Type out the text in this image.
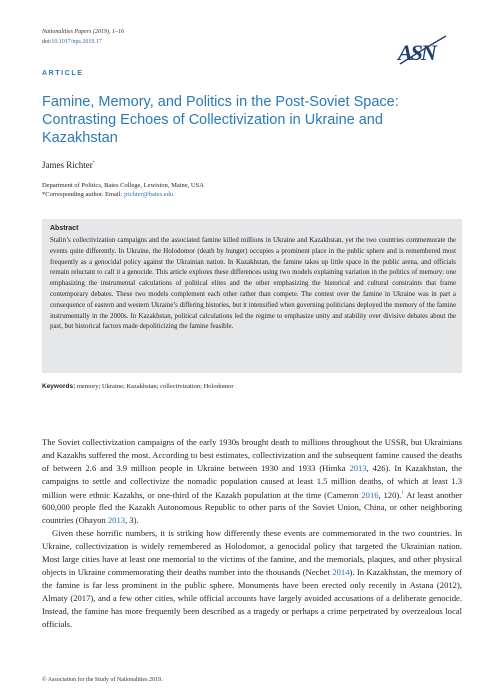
Nationalities Papers (2019), 1–16
doi:10.1017/nps.2019.17	ASN
ARTICLE
Famine, Memory, and Politics in the Post-Soviet Space: Contrasting Echoes of Collectivization in Ukraine and Kazakhstan
James Richter*
Department of Politics, Bates College, Lewiston, Maine, USA
*Corresponding author. Email: jrichter@bates.edu
Abstract

Stalin’s collectivization campaigns and the associated famine killed millions in Ukraine and Kazakhstan, yet the two countries commemorate the events quite differently. In Ukraine, the Holodomor (death by hunger) occupies a prominent place in the public sphere and is remembered most frequently as a genocidal policy against the Ukrainian nation. In Kazakhstan, the famine takes up little space in the public arena, and officials remain reluctant to call it a genocide. This article explores these differences using two models explaining variation in the politics of memory: one emphasizing the instrumental calculations of political elites and the other emphasizing the historical and cultural constraints that frame contemporary debates. These two models complement each other rather than compete. The contest over the famine in Ukraine was in part a consequence of eastern and western Ukraine’s differing histories, but it intensified when governing politicians deployed the memory of the famine instrumentally in the 2000s. In Kazakhstan, political calculations led the regime to emphasize unity and stability over divisive debates about the past, but historical factors made depoliticizing the famine feasible.

Keywords: memory; Ukraine; Kazakhstan; collectivization; Holodomor

The Soviet collectivization campaigns of the early 1930s brought death to millions throughout the USSR, but Ukrainians and Kazakhs suffered the most. According to best estimates, collectivization and the subsequent famine caused the deaths of between 2.6 and 3.9 million people in Ukraine between 1930 and 1933 (Himka 2013, 426). In Kazakhstan, the campaigns to settle and collectivize the nomadic population caused at least 1.5 million deaths, of which at least 1.3 million were ethnic Kazakhs, or one-third of the Kazakh population at the time (Cameron 2016, 120).$^1$ At least another 600,000 people fled the Kazakh Autonomous Republic to other parts of the Soviet Union, China, or other neighboring countries (Ohayon 2013, 3).

Given these horrific numbers, it is striking how differently these events are commemorated in the two countries. In Ukraine, collectivization is widely remembered as Holodomor, a genocidal policy that targeted the Ukrainian nation. Most large cities have at least one memorial to the victims of the famine, and the memorials, plaques, and other physical objects in Ukraine commemorating their deaths number into the thousands (Nechet 2014). In Kazakhstan, the memory of the famine is far less prominent in the public sphere. Monuments have been erected only recently in Astana (2012), Almaty (2017), and a few other cities, while official accounts have largely avoided accusations of a deliberate genocide. Instead, the famine has more frequently been described as a tragedy or perhaps a crime perpetrated by overzealous local officials.

© Association for the Study of Nationalities 2019.
